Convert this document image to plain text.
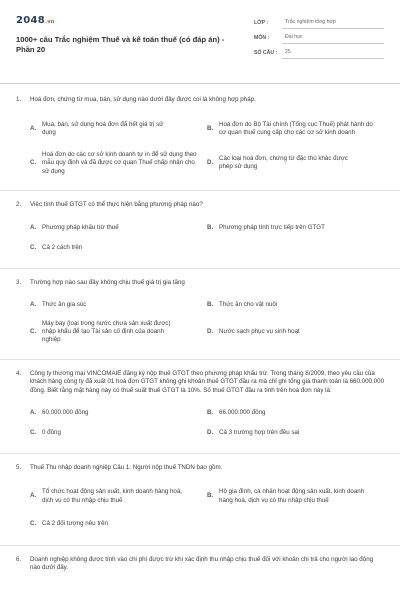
2048.vn
1000+ câu Trắc nghiệm Thuế và kế toán thuế (có đáp án) -
Phần 20
LỚP :	Trắc nghiệm tổng hợp
MÔN :	Đại học
SỐ CÂU :	25
1.	Hoá đơn, chứng từ mua, bán, sử dụng nào dưới đây được coi là không hợp pháp.
A.
Mua, bán, sử dụng hoá đơn đã hết giá trị sử dụng
B.
Hoá đơn do Bộ Tài chính (Tổng cục Thuế) phát hành do cơ quan thuế cung cấp cho các cơ sở kinh doanh
C.
Hoá đơn do các cơ sở kinh doanh tự in để sử dụng theo mẫu quy định và đã được cơ quan Thuế chấp nhận cho sử dụng
D.
Các loại hoá đơn, chứng từ đặc thù khác được phép sử dụng
2.	Việc tính thuế GTGT có thể thực hiện bằng phương pháp nào?
A. Phương pháp khấu trừ thuế	B. Phương pháp tính trực tiếp trên GTGT
C. Cả 2 cách trên
3.	Trường hợp nào sau đây không chịu thuế giá trị gia tăng
A. Thức ăn gia súc	B. Thức ăn cho vật nuôi
C.
Máy bay (loại trong nước chưa sản xuất được) nhập khẩu để tạo Tài sản cố định của doanh nghiệp
D. Nước sạch phục vụ sinh hoạt
4.	Công ty thương mại VINCOMAIE đăng ký nộp thuế GTGT theo phương pháp khấu trừ. Trong tháng 8/2009, theo yêu cầu của khách hàng công ty đã xuất 01 hoá đơn GTGT không ghi khoản thuế GTGT đầu ra mà chỉ ghi tổng giá thanh toán là 660.000.000 đồng. Biết rằng mặt hàng này có thuế suất thuế GTGT là 10%. Số thuế GTGT đầu ra tính trên hoá đơn này là:
A. 60.000.000 đồng	B. 66.000.000 đồng
C. 0 đồng	D. Cả 3 trường hợp trên đều sai
5.	Thuế Thu nhập doanh nghiệp Câu 1. Người nộp thuế TNDN bao gồm.
A.
Tổ chức hoạt động sản xuất, kinh doanh hàng hoá, dịch vụ có thu nhập chịu thuế
B.
Hộ gia đình, cá nhân hoạt động sản xuất, kinh doanh hàng hoá, dịch vụ có thu nhập chịu thuế
C. Cả 2 đối tượng nêu trên
6.	Doanh nghiệp không được tính vào chi phí được trừ khi xác định thu nhập chịu thuế đối với khoản chi trả cho người lao động nào dưới đây.
